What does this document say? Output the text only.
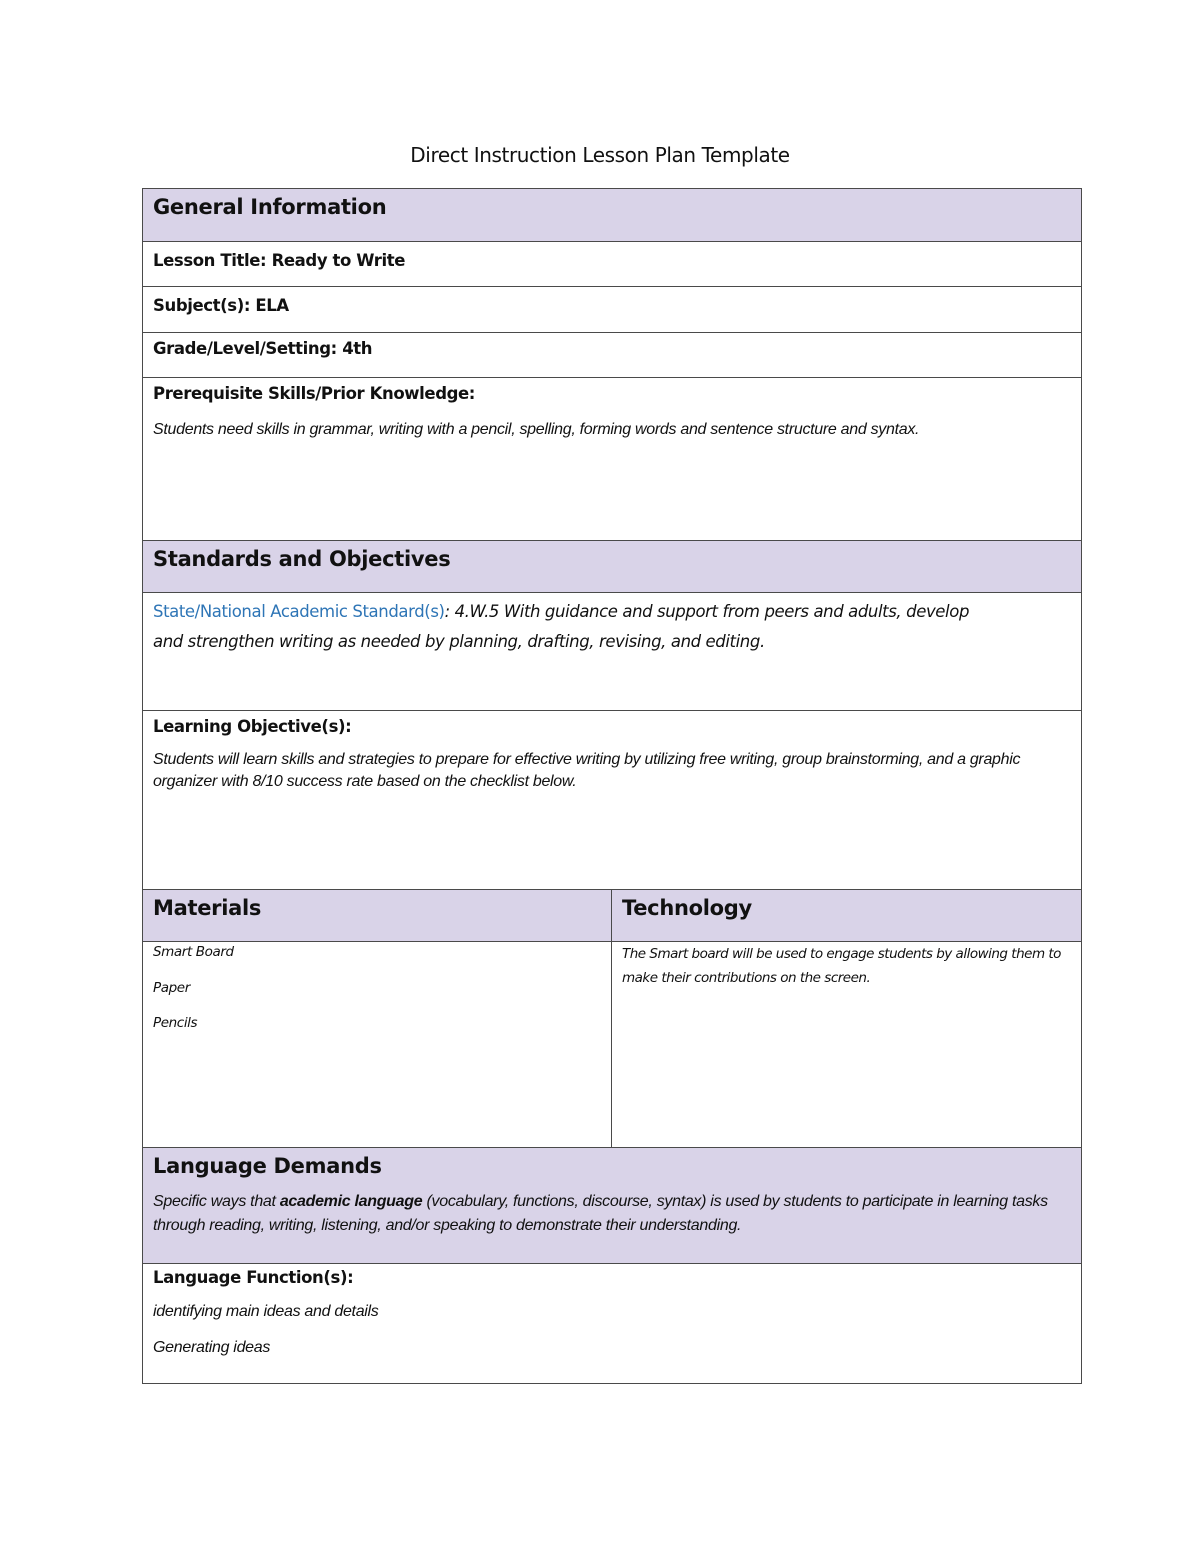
Direct Instruction Lesson Plan Template

General Information	

Lesson Title: Ready to Write	

Subject(s): ELA	

Grade/Level/Setting: 4th	

Prerequisite Skills/Prior Knowledge:

Students need skills in grammar, writing with a pencil, spelling, forming words and sentence structure and syntax.	

Standards and Objectives	

State/National Academic Standard(s): 4.W.5 With guidance and support from peers and adults, develop

and strengthen writing as needed by planning, drafting, revising, and editing.	

Learning Objective(s):

Students will learn skills and strategies to prepare for effective writing by utilizing free writing, group brainstorming, and a graphic organizer with 8/10 success rate based on the checklist below.	

Materials	Technology

Smart Board

Paper

Pencils	The Smart board will be used to engage students by allowing them to make their contributions on the screen.

Language Demands

Specific ways that academic language (vocabulary, functions, discourse, syntax) is used by students to participate in learning tasks through reading, writing, listening, and/or speaking to demonstrate their understanding.	

Language Function(s):

identifying main ideas and details

Generating ideas	
